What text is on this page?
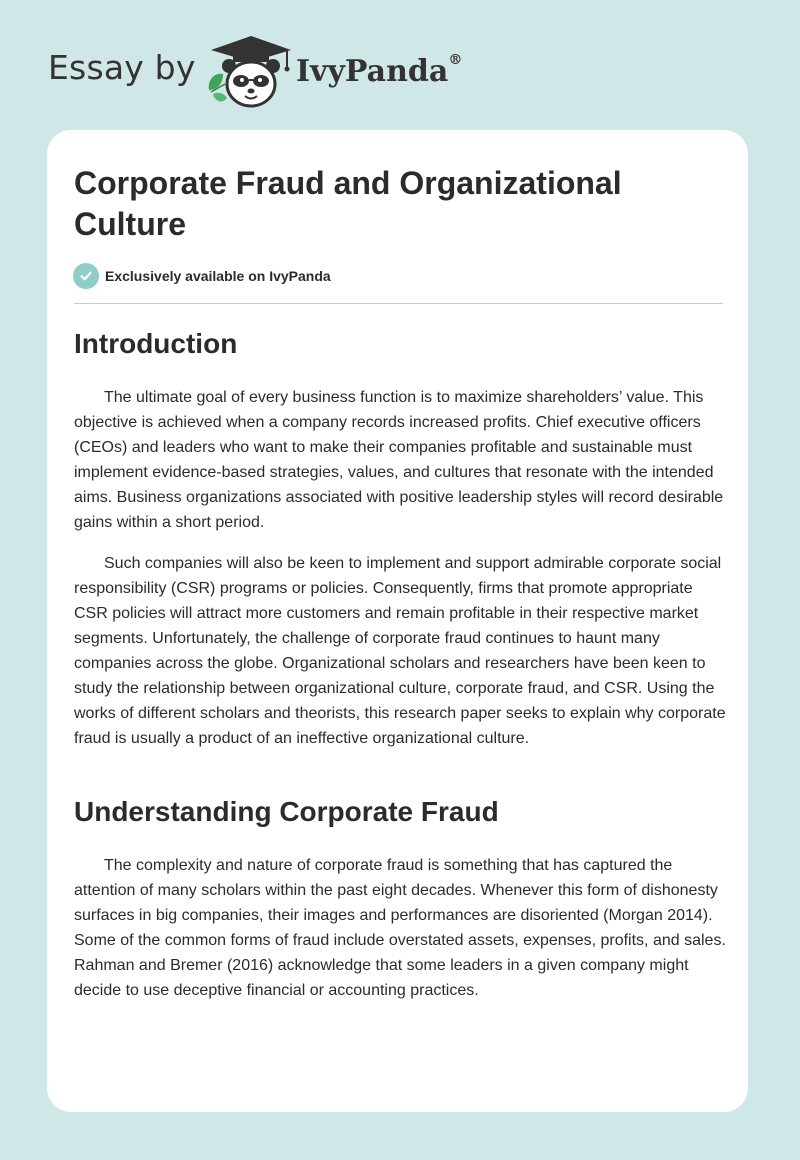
Essay by	IvyPanda®
Corporate Fraud and Organizational Culture
Exclusively available on IvyPanda
Introduction

The ultimate goal of every business function is to maximize shareholders’ value. This objective is achieved when a company records increased profits. Chief executive officers (CEOs) and leaders who want to make their companies profitable and sustainable must implement evidence-based strategies, values, and cultures that resonate with the intended aims. Business organizations associated with positive leadership styles will record desirable gains within a short period.

Such companies will also be keen to implement and support admirable corporate social responsibility (CSR) programs or policies. Consequently, firms that promote appropriate CSR policies will attract more customers and remain profitable in their respective market segments. Unfortunately, the challenge of corporate fraud continues to haunt many companies across the globe. Organizational scholars and researchers have been keen to study the relationship between organizational culture, corporate fraud, and CSR. Using the works of different scholars and theorists, this research paper seeks to explain why corporate fraud is usually a product of an ineffective organizational culture.

Understanding Corporate Fraud

The complexity and nature of corporate fraud is something that has captured the attention of many scholars within the past eight decades. Whenever this form of dishonesty surfaces in big companies, their images and performances are disoriented (Morgan 2014). Some of the common forms of fraud include overstated assets, expenses, profits, and sales. Rahman and Bremer (2016) acknowledge that some leaders in a given company might decide to use deceptive financial or accounting practices.
